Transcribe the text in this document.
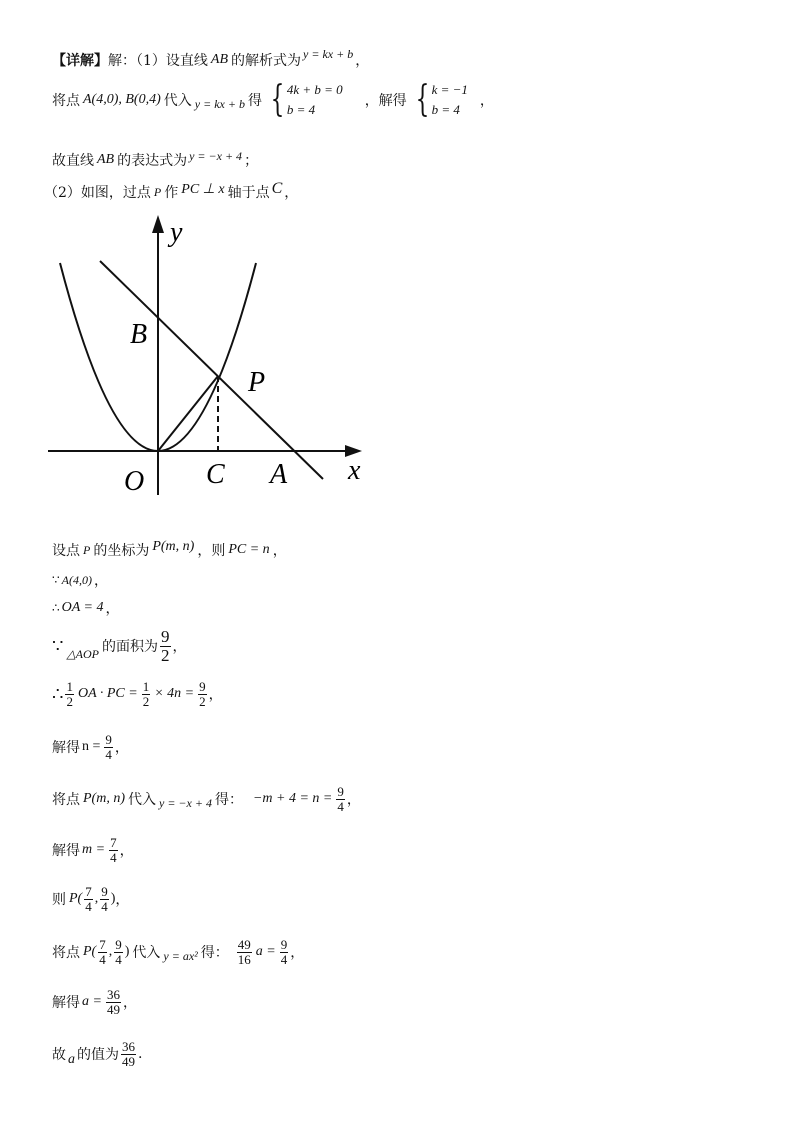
【详解】 解：（1）设直线 AB 的解析式为 y = kx + b ，
将点 A(4,0), B(0,4) 代入 y = kx + b 得 { 4k + b = 0
b = 4
，解得 { k = −1
b = 4
，
故直线 AB 的表达式为 y = −x + 4 ；
（2）如图，过点 P 作 PC ⊥ x 轴于点 C ，
y
x
B
P
O C A
设点 P 的坐标为 P(m, n) ，则 PC = n ，
∵ A(4,0) ，
∴ OA = 4 ，
∵ △AOP 的面积为 $\frac{9}{2}$ ，
∴ $\frac{1}{2}$ OA · PC = $\frac{1}{2} \times 4n = \frac{9}{2}$ ，
解得 $n = \frac{9}{4}$ ，
将点 P(m, n) 代入 y = −x + 4 得： $-m + 4 = n = \frac{9}{4}$ ，
解得 $m = \frac{7}{4}$ ，
则 $P( \frac{7}{4}$ , $\frac{9}{4}$ ) ，
将点 $P( \frac{7}{4}$ , $\frac{9}{4}$ ) 代入 y = ax² 得： $\frac{49}{16}$ $a = \frac{9}{4}$ ，
解得 $a = \frac{36}{49}$ ，
故 a 的值为 $\frac{36}{49}$ .
